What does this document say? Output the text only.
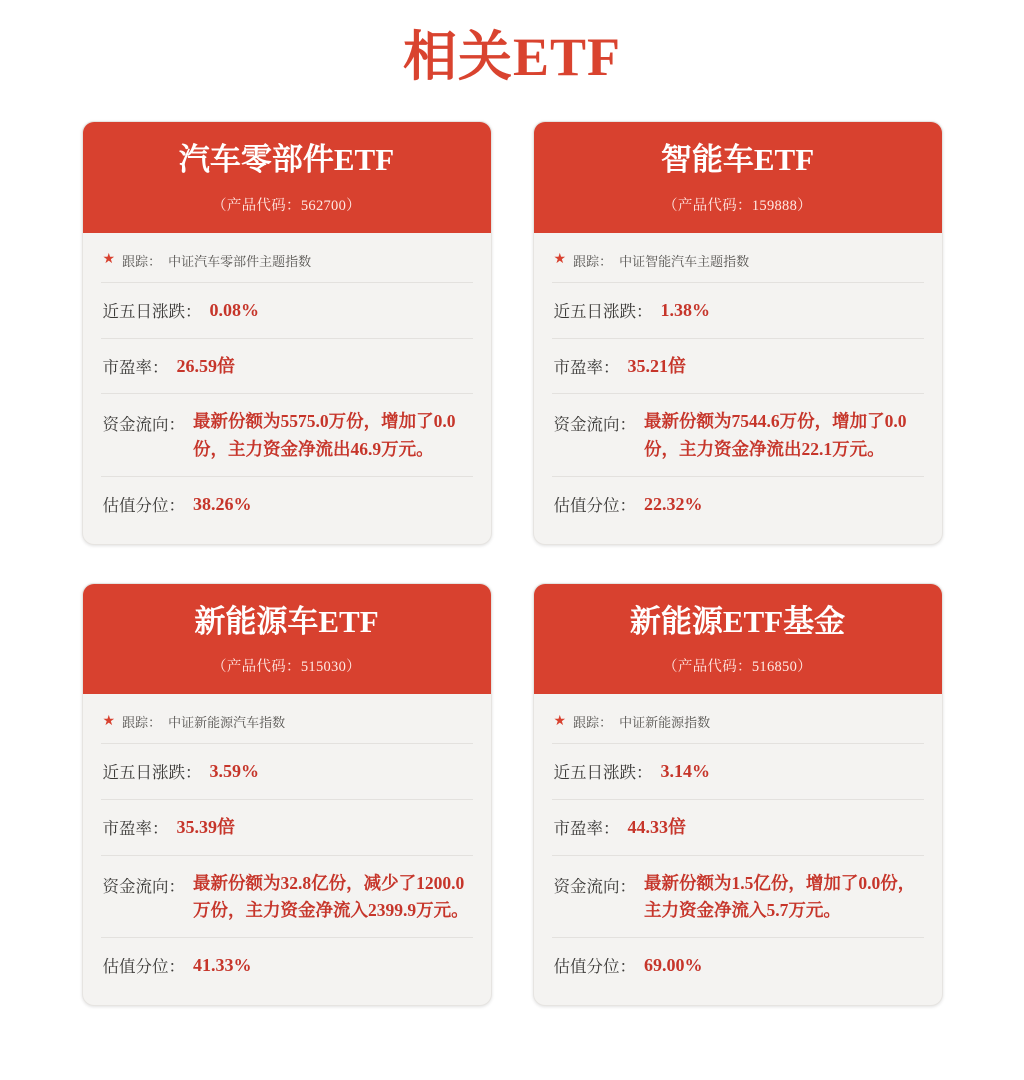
相关ETF
汽车零部件ETF
（产品代码：562700）
★ 跟踪： 中证汽车零部件主题指数
近五日涨跌： 0.08%
市盈率： 26.59倍
资金流向： 最新份额为5575.0万份，增加了0.0份，主力资金净流出46.9万元。
估值分位： 38.26%
智能车ETF
（产品代码：159888）
★ 跟踪： 中证智能汽车主题指数
近五日涨跌： 1.38%
市盈率： 35.21倍
资金流向： 最新份额为7544.6万份，增加了0.0份，主力资金净流出22.1万元。
估值分位： 22.32%
新能源车ETF
（产品代码：515030）
★ 跟踪： 中证新能源汽车指数
近五日涨跌： 3.59%
市盈率： 35.39倍
资金流向： 最新份额为32.8亿份，减少了1200.0万份，主力资金净流入2399.9万元。
估值分位： 41.33%
新能源ETF基金
（产品代码：516850）
★ 跟踪： 中证新能源指数
近五日涨跌： 3.14%
市盈率： 44.33倍
资金流向： 最新份额为1.5亿份，增加了0.0份，主力资金净流入5.7万元。
估值分位： 69.00%
